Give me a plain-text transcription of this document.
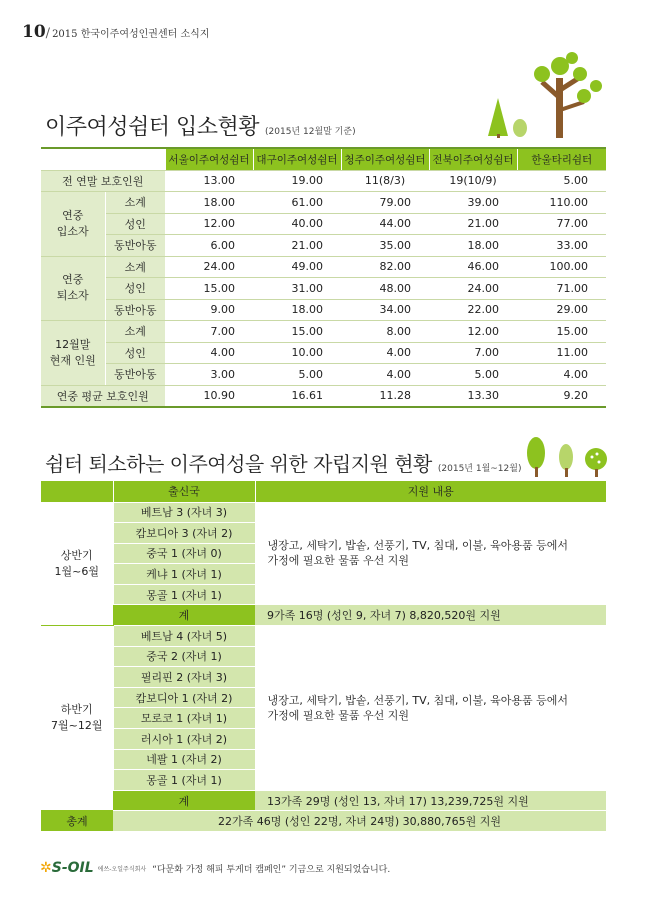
10/ 2015 한국이주여성인권센터 소식지
이주여성쉼터 입소현황 (2015년 12월말 기준)
		서울이주여성쉼터	대구이주여성쉼터	청주이주여성쉼터	전북이주여성쉼터	한울타리쉼터
전 연말 보호인원		13.00	19.00	11(8/3)	19(10/9)	5.00
연중
입소자	소계	18.00	61.00	79.00	39.00	110.00
	성인	12.00	40.00	44.00	21.00	77.00
	동반아동	6.00	21.00	35.00	18.00	33.00
연중
퇴소자	소계	24.00	49.00	82.00	46.00	100.00
	성인	15.00	31.00	48.00	24.00	71.00
	동반아동	9.00	18.00	34.00	22.00	29.00
12월말
현재 인원	소계	7.00	15.00	8.00	12.00	15.00
	성인	4.00	10.00	4.00	7.00	11.00
	동반아동	3.00	5.00	4.00	5.00	4.00
연중 평균 보호인원		10.90	16.61	11.28	13.30	9.20
쉼터 퇴소하는 이주여성을 위한 자립지원 현황 (2015년 1월~12월)
	출신국	지원 내용
상반기
1월~6월	베트남 3 (자녀 3)	냉장고, 세탁기, 밥솥, 선풍기, TV, 침대, 이불, 육아용품 등에서
가정에 필요한 물품 우선 지원
	캄보디아 3 (자녀 2)	
	중국 1 (자녀 0)	
	케냐 1 (자녀 1)	
	몽골 1 (자녀 1)	
	계	9가족 16명 (성인 9, 자녀 7) 8,820,520원 지원
하반기
7월~12월	베트남 4 (자녀 5)	냉장고, 세탁기, 밥솥, 선풍기, TV, 침대, 이불, 육아용품 등에서
가정에 필요한 물품 우선 지원
	중국 2 (자녀 1)	
	필리핀 2 (자녀 3)	
	캄보디아 1 (자녀 2)	
	모로코 1 (자녀 1)	
	러시아 1 (자녀 2)	
	네팔 1 (자녀 2)	
	몽골 1 (자녀 1)	
	계	13가족 29명 (성인 13, 자녀 17) 13,239,725원 지원
총계	22가족 46명 (성인 22명, 자녀 24명) 30,880,765원 지원	
✲S-OIL 에쓰-오일주식회사 “다문화 가정 해피 투게더 캠페인” 기금으로 지원되었습니다.
